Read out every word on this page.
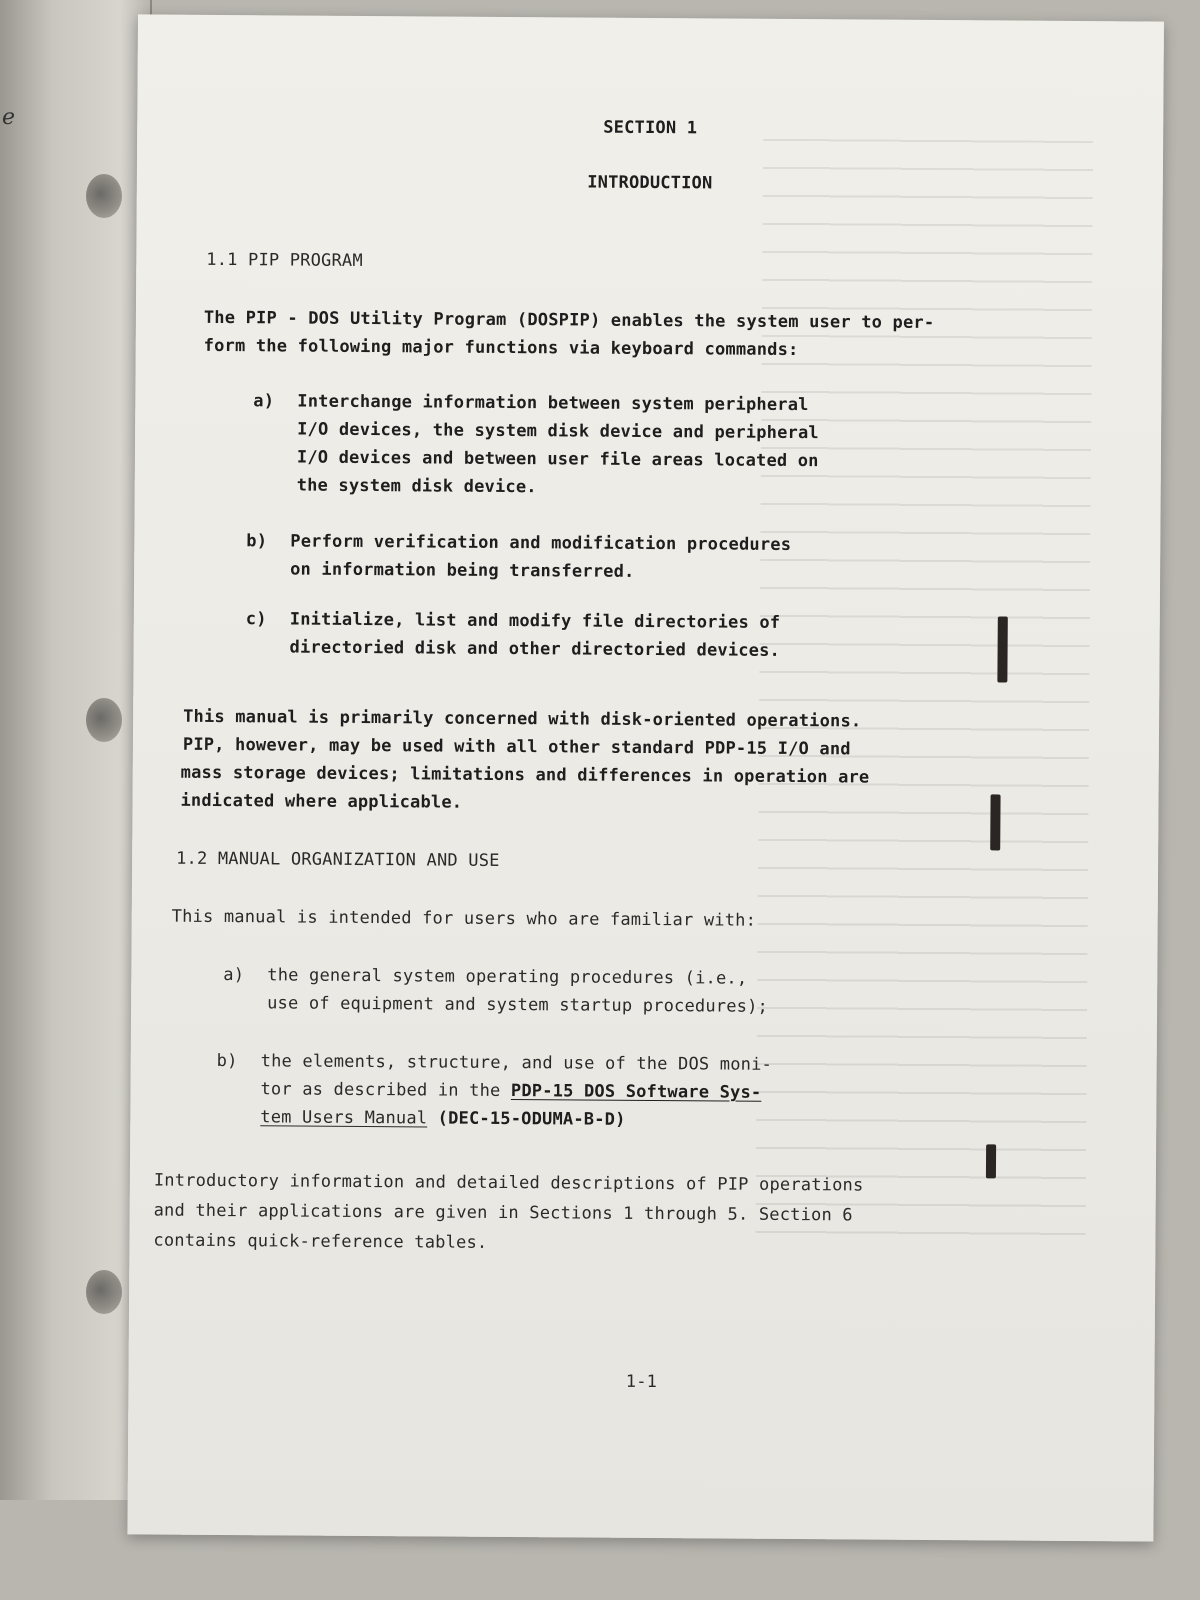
e	SECTION 1
INTRODUCTION
1.1 PIP PROGRAM
The PIP - DOS Utility Program (DOSPIP) enables the system user to per-
form the following major functions via keyboard commands:
a) Interchange information between system peripheral
I/O devices, the system disk device and peripheral
I/O devices and between user file areas located on
the system disk device.
b) Perform verification and modification procedures
on information being transferred.
c) Initialize, list and modify file directories of
directoried disk and other directoried devices.
This manual is primarily concerned with disk-oriented operations.
PIP, however, may be used with all other standard PDP-15 I/O and
mass storage devices; limitations and differences in operation are
indicated where applicable.
1.2 MANUAL ORGANIZATION AND USE
This manual is intended for users who are familiar with:
a) the general system operating procedures (i.e.,
use of equipment and system startup procedures);
b) the elements, structure, and use of the DOS moni-
tor as described in the PDP-15 DOS Software Sys-
tem Users Manual (DEC-15-ODUMA-B-D)
Introductory information and detailed descriptions of PIP operations
and their applications are given in Sections 1 through 5. Section 6
contains quick-reference tables.
1-1
